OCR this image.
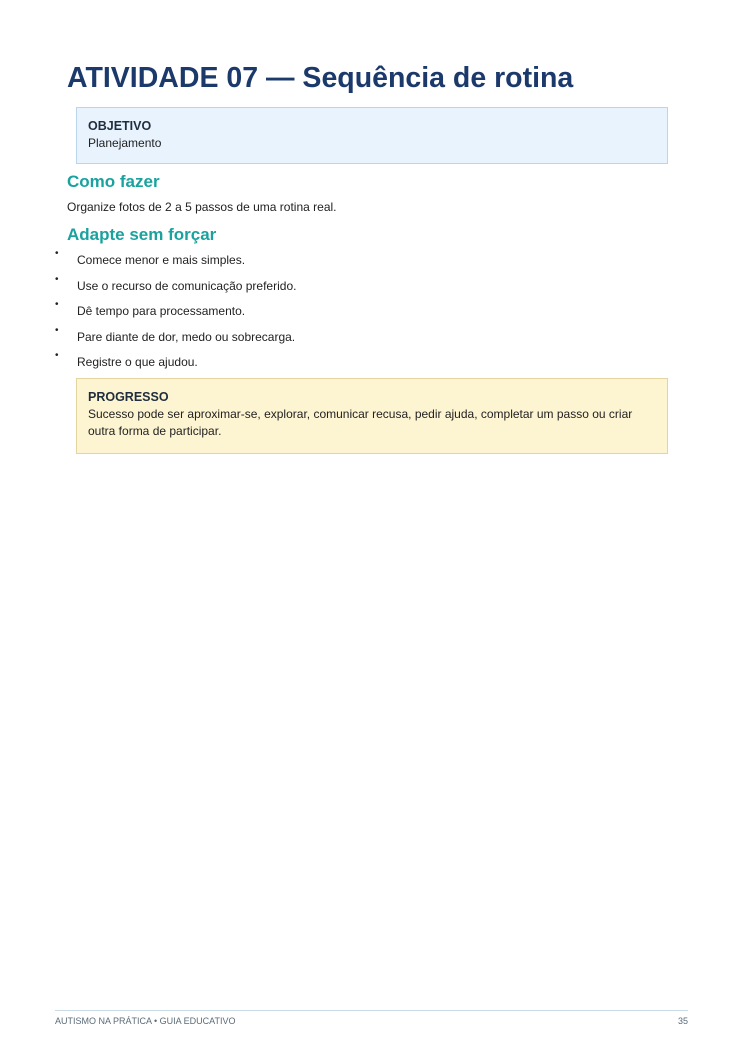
ATIVIDADE 07 — Sequência de rotina
OBJETIVO
Planejamento
Como fazer
Organize fotos de 2 a 5 passos de uma rotina real.
Adapte sem forçar
• Comece menor e mais simples.
• Use o recurso de comunicação preferido.
• Dê tempo para processamento.
• Pare diante de dor, medo ou sobrecarga.
• Registre o que ajudou.
PROGRESSO
Sucesso pode ser aproximar-se, explorar, comunicar recusa, pedir ajuda, completar um passo ou criar outra forma de participar.
AUTISMO NA PRÁTICA • GUIA EDUCATIVO	35
